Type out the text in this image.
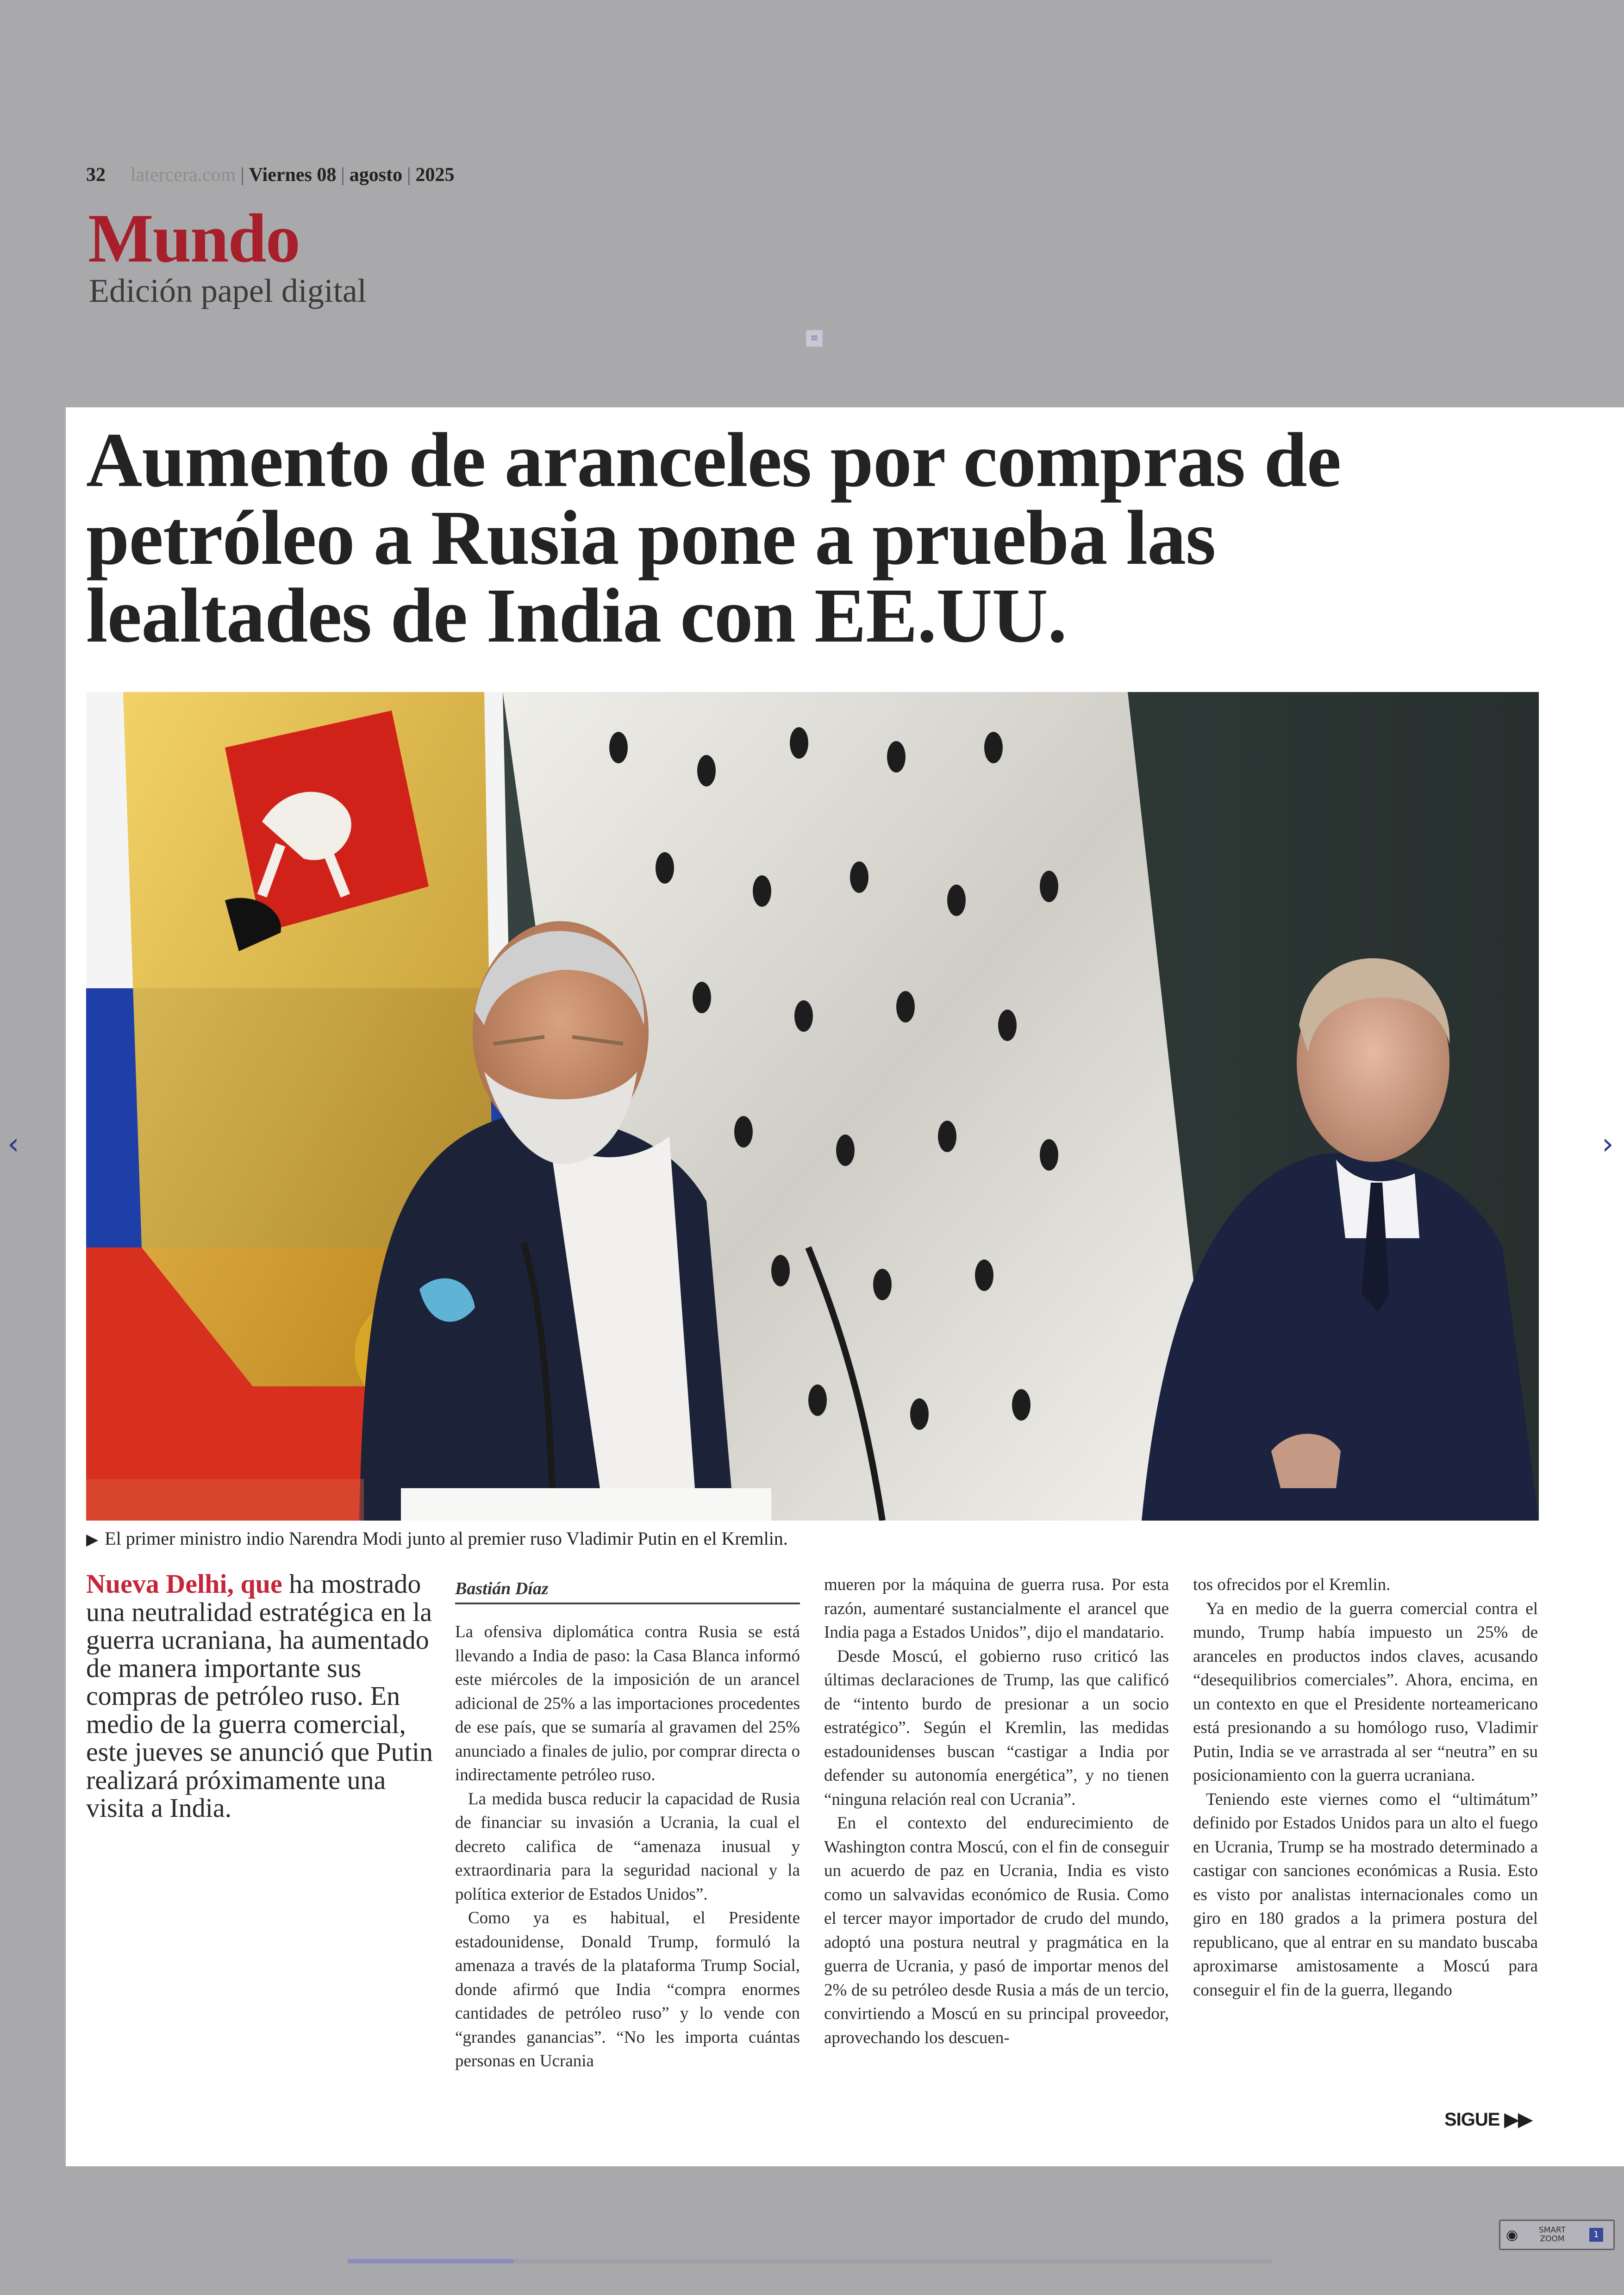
32 latercera.com | Viernes 08 | agosto | 2025
Mundo
Edición papel digital
≡
Aumento de aranceles por compras de petróleo a Rusia pone a prueba las lealtades de India con EE.UU.
▶ El primer ministro indio Narendra Modi junto al premier ruso Vladimir Putin en el Kremlin.

Nueva Delhi, que ha mostrado una neutralidad estratégica en la guerra ucraniana, ha aumentado de manera importante sus compras de petróleo ruso. En medio de la guerra comercial, este jueves se anunció que Putin realizará próximamente una visita a India.

Bastián Díaz

La ofensiva diplomática contra Rusia se está llevando a India de paso: la Casa Blanca informó este miércoles de la imposición de un arancel adicional de 25% a las importaciones procedentes de ese país, que se sumaría al gravamen del 25% anunciado a finales de julio, por comprar directa o indirectamente petróleo ruso.

La medida busca reducir la capacidad de Rusia de financiar su invasión a Ucrania, la cual el decreto califica de “amenaza inusual y extraordinaria para la seguridad nacional y la política exterior de Estados Unidos”.

Como ya es habitual, el Presidente estadounidense, Donald Trump, formuló la amenaza a través de la plataforma Trump Social, donde afirmó que India “compra enormes cantidades de petróleo ruso” y lo vende con “grandes ganancias”. “No les importa cuántas personas en Ucrania

mueren por la máquina de guerra rusa. Por esta razón, aumentaré sustancialmente el arancel que India paga a Estados Unidos”, dijo el mandatario.

Desde Moscú, el gobierno ruso criticó las últimas declaraciones de Trump, las que calificó de “intento burdo de presionar a un socio estratégico”. Según el Kremlin, las medidas estadounidenses buscan “castigar a India por defender su autonomía energética”, y no tienen “ninguna relación real con Ucrania”.

En el contexto del endurecimiento de Washington contra Moscú, con el fin de conseguir un acuerdo de paz en Ucrania, India es visto como un salvavidas económico de Rusia. Como el tercer mayor importador de crudo del mundo, adoptó una postura neutral y pragmática en la guerra de Ucrania, y pasó de importar menos del 2% de su petróleo desde Rusia a más de un tercio, convirtiendo a Moscú en su principal proveedor, aprovechando los descuen-

tos ofrecidos por el Kremlin.

Ya en medio de la guerra comercial contra el mundo, Trump había impuesto un 25% de aranceles en productos indos claves, acusando “desequilibrios comerciales”. Ahora, encima, en un contexto en que el Presidente norteamericano está presionando a su homólogo ruso, Vladimir Putin, India se ve arrastrada al ser “neutra” en su posicionamiento con la guerra ucraniana.

Teniendo este viernes como el “ultimátum” definido por Estados Unidos para un alto el fuego en Ucrania, Trump se ha mostrado determinado a castigar con sanciones económicas a Rusia. Esto es visto por analistas internacionales como un giro en 180 grados a la primera postura del republicano, que al entrar en su mandato buscaba aproximarse amistosamente a Moscú para conseguir el fin de la guerra, llegando

SIGUE ▶▶
‹	›
◉	SMART
ZOOM	1
